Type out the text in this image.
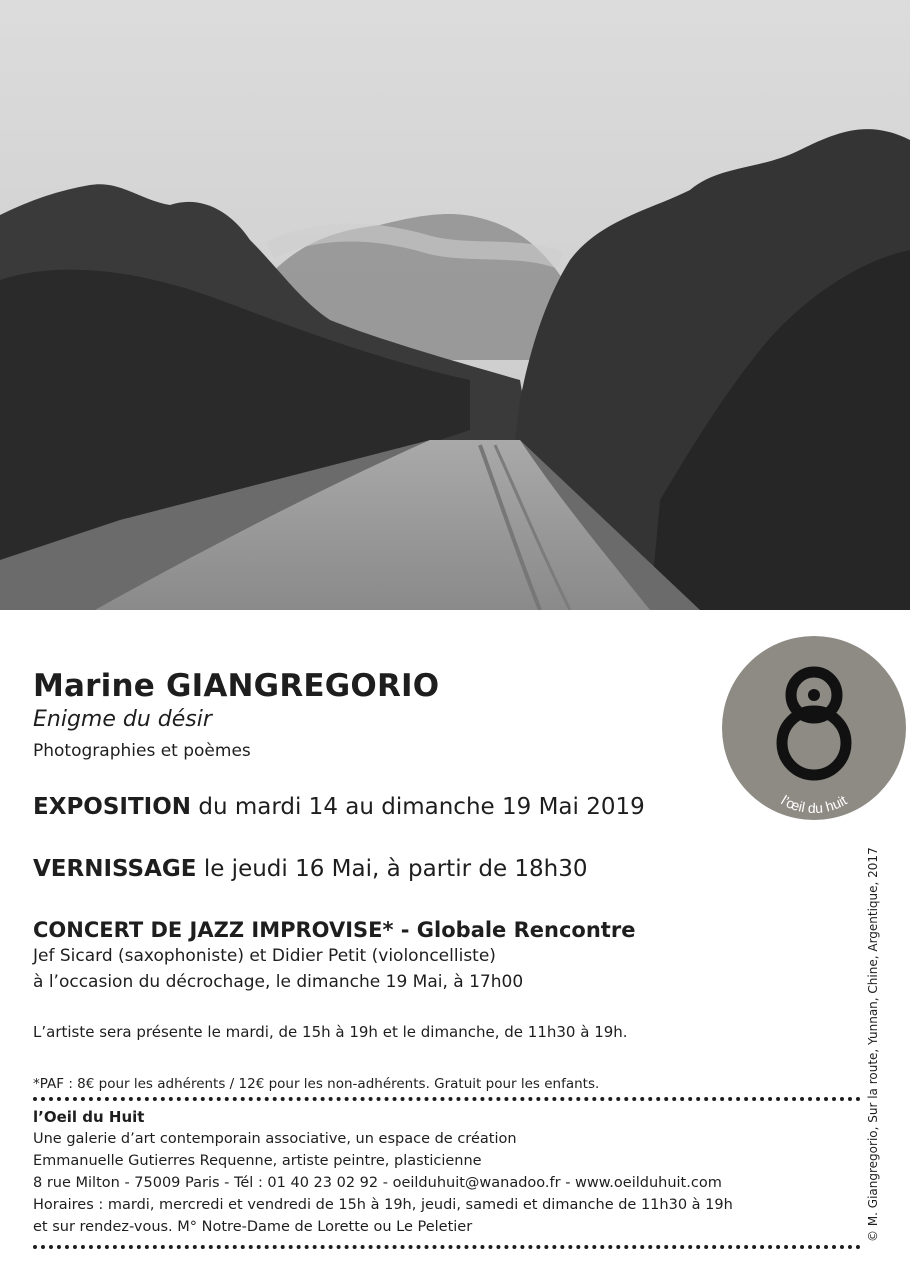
Marine GIANGREGORIO
Enigme du désir
Photographies et poèmes
EXPOSITION du mardi 14 au dimanche 19 Mai 2019
VERNISSAGE le jeudi 16 Mai, à partir de 18h30
CONCERT DE JAZZ IMPROVISE* - Globale Rencontre
Jef Sicard (saxophoniste) et Didier Petit (violoncelliste)
à l’occasion du décrochage, le dimanche 19 Mai, à 17h00
L’artiste sera présente le mardi, de 15h à 19h et le dimanche, de 11h30 à 19h.
*PAF : 8€ pour les adhérents / 12€ pour les non-adhérents. Gratuit pour les enfants.
l’Oeil du Huit
Une galerie d’art contemporain associative, un espace de création
Emmanuelle Gutierres Requenne, artiste peintre, plasticienne
8 rue Milton - 75009 Paris - Tél : 01 40 23 02 92 - oeilduhuit@wanadoo.fr - www.oeilduhuit.com
Horaires : mardi, mercredi et vendredi de 15h à 19h, jeudi, samedi et dimanche de 11h30 à 19h
et sur rendez-vous. M° Notre-Dame de Lorette ou Le Peletier
l’œil du huit
© M. Giangregorio, Sur la route, Yunnan, Chine, Argentique, 2017
